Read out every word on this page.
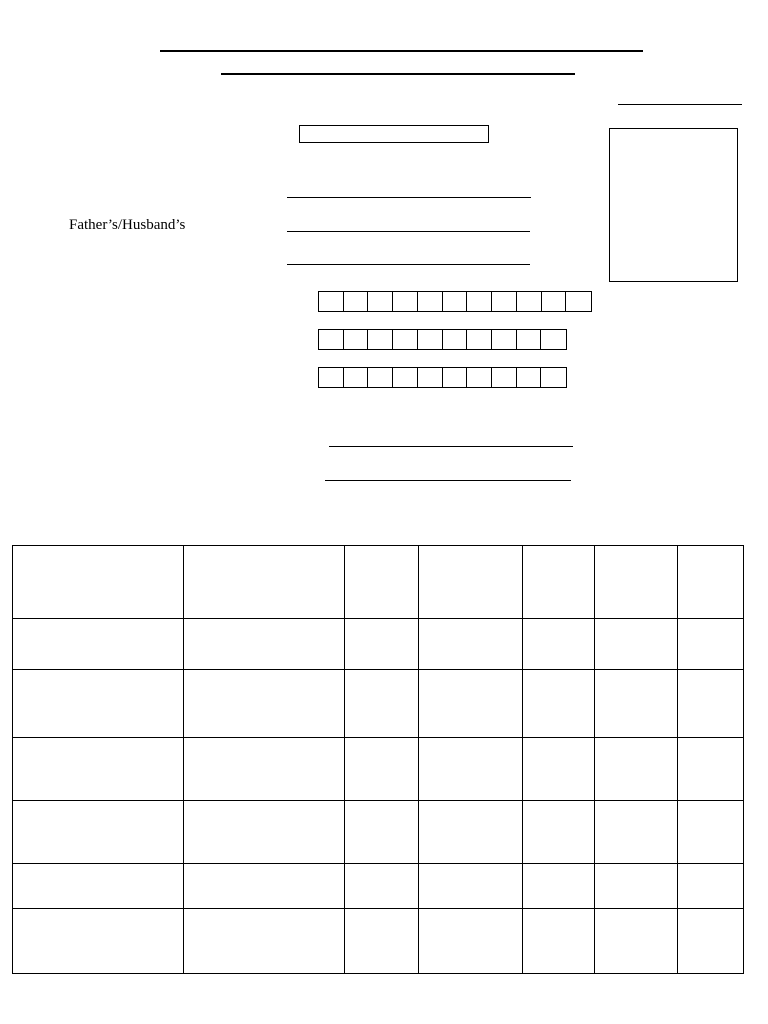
Father’s/Husband’s
